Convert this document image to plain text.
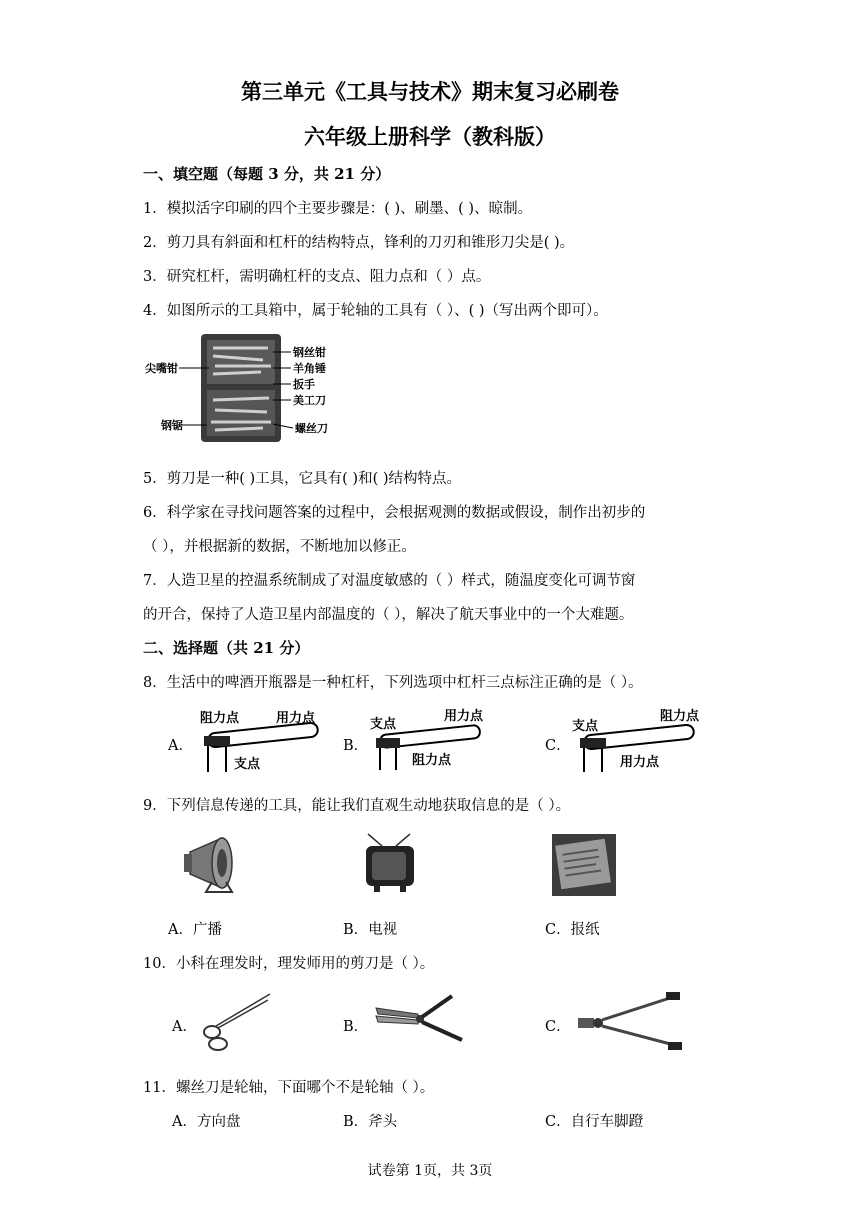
第三单元《工具与技术》期末复习必刷卷
六年级上册科学（教科版）
一、填空题（每题 3 分，共 21 分）
1．模拟活字印刷的四个主要步骤是：( )、刷墨、( )、晾制。
2．剪刀具有斜面和杠杆的结构特点，锋利的刀刃和锥形刀尖是( )。
3．研究杠杆，需明确杠杆的支点、阻力点和（ ）点。
4．如图所示的工具箱中，属于轮轴的工具有（ ）、( )（写出两个即可）。
尖嘴钳
钢锯
钢丝钳
羊角锤
扳手
美工刀
螺丝刀
5．剪刀是一种( )工具，它具有( )和( )结构特点。
6．科学家在寻找问题答案的过程中，会根据观测的数据或假设，制作出初步的
（ ），并根据新的数据，不断地加以修正。
7．人造卫星的控温系统制成了对温度敏感的（ ）样式，随温度变化可调节窗
的开合，保持了人造卫星内部温度的（ ），解决了航天事业中的一个大难题。
二、选择题（共 21 分）
8．生活中的啤酒开瓶器是一种杠杆，下列选项中杠杆三点标注正确的是（ ）。
A．
阻力点	用力点
支点
B．
支点
用力点
阻力点
C．
支点
阻力点
用力点
9．下列信息传递的工具，能让我们直观生动地获取信息的是（ ）。
A．广播	B．电视	C．报纸
10．小科在理发时，理发师用的剪刀是（ ）。
A．	B．	C．
11．螺丝刀是轮轴，下面哪个不是轮轴（ ）。
A．方向盘	B．斧头	C．自行车脚蹬
试卷第 1页，共 3页
